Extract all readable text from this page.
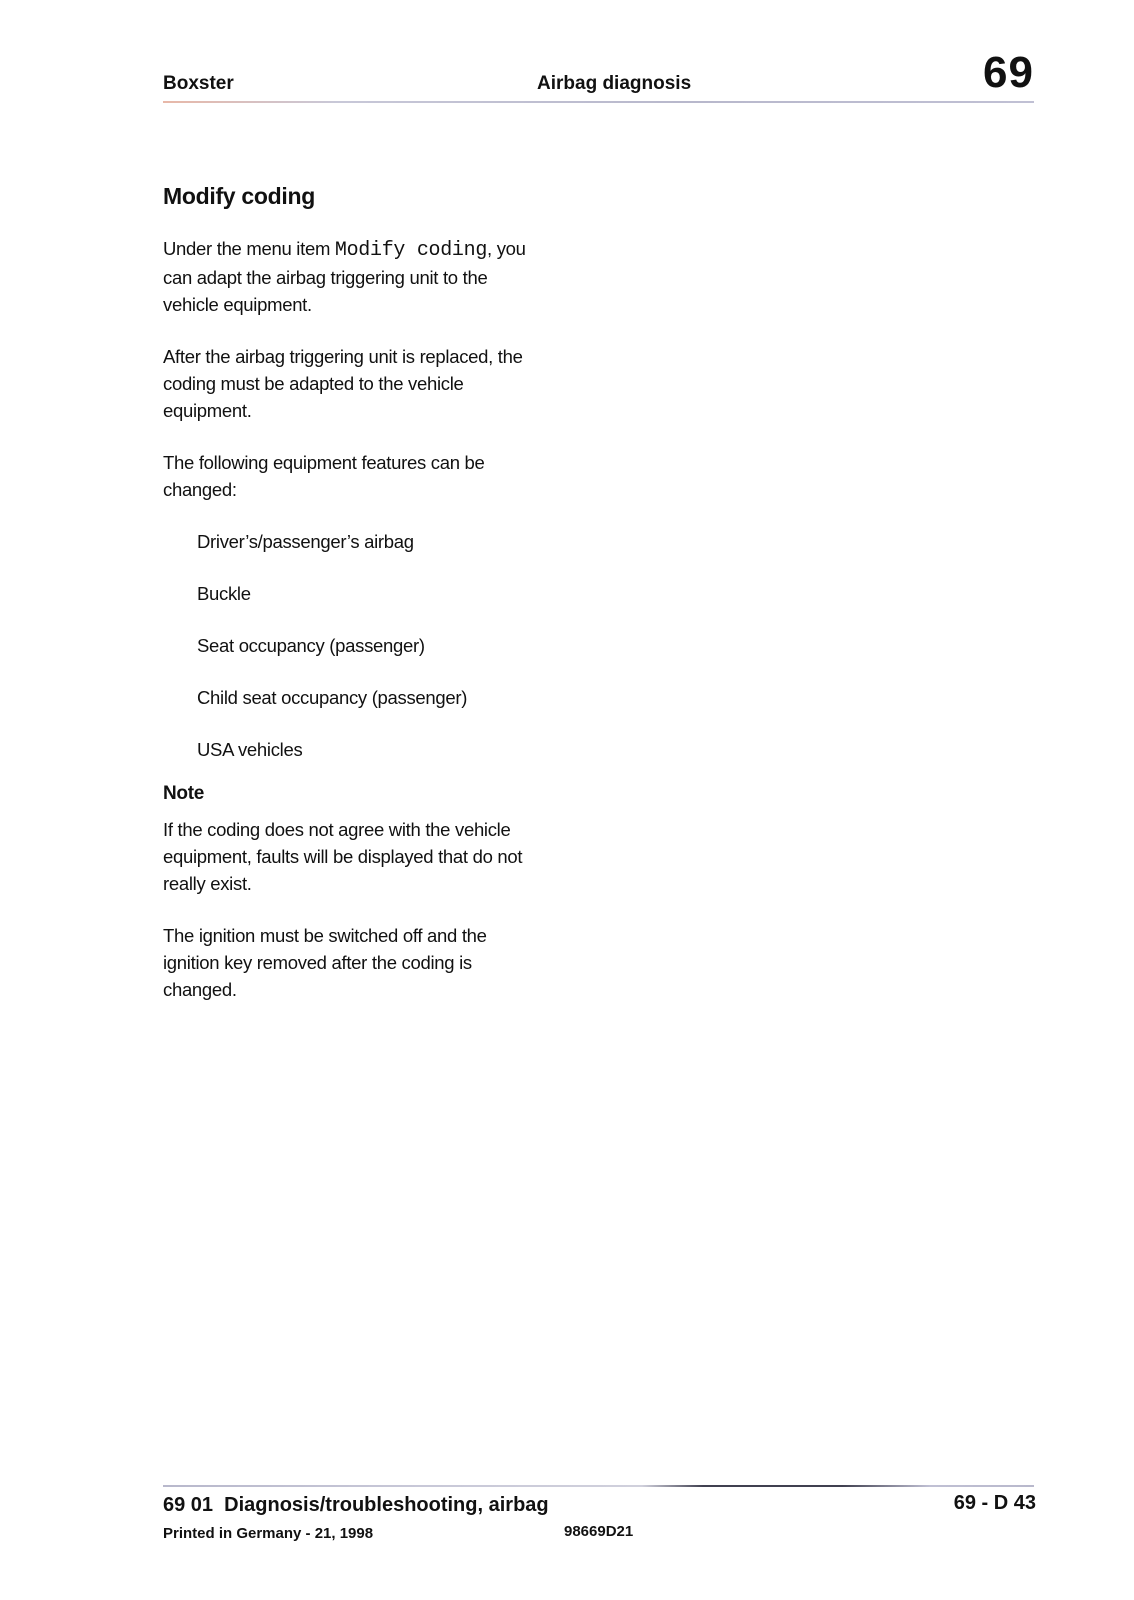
Boxster	Airbag diagnosis	69
Modify coding

Under the menu item Modify coding, you can adapt the airbag triggering unit to the vehicle equipment.

After the airbag triggering unit is replaced, the coding must be adapted to the vehicle equipment.

The following equipment features can be changed:

Driver’s/passenger’s airbag
Buckle
Seat occupancy (passenger)
Child seat occupancy (passenger)
USA vehicles
Note

If the coding does not agree with the vehicle equipment, faults will be displayed that do not really exist.

The ignition must be switched off and the ignition key removed after the coding is changed.

69 01  Diagnosis/troubleshooting, airbag	69 - D 43
Printed in Germany - 21, 1998	98669D21
